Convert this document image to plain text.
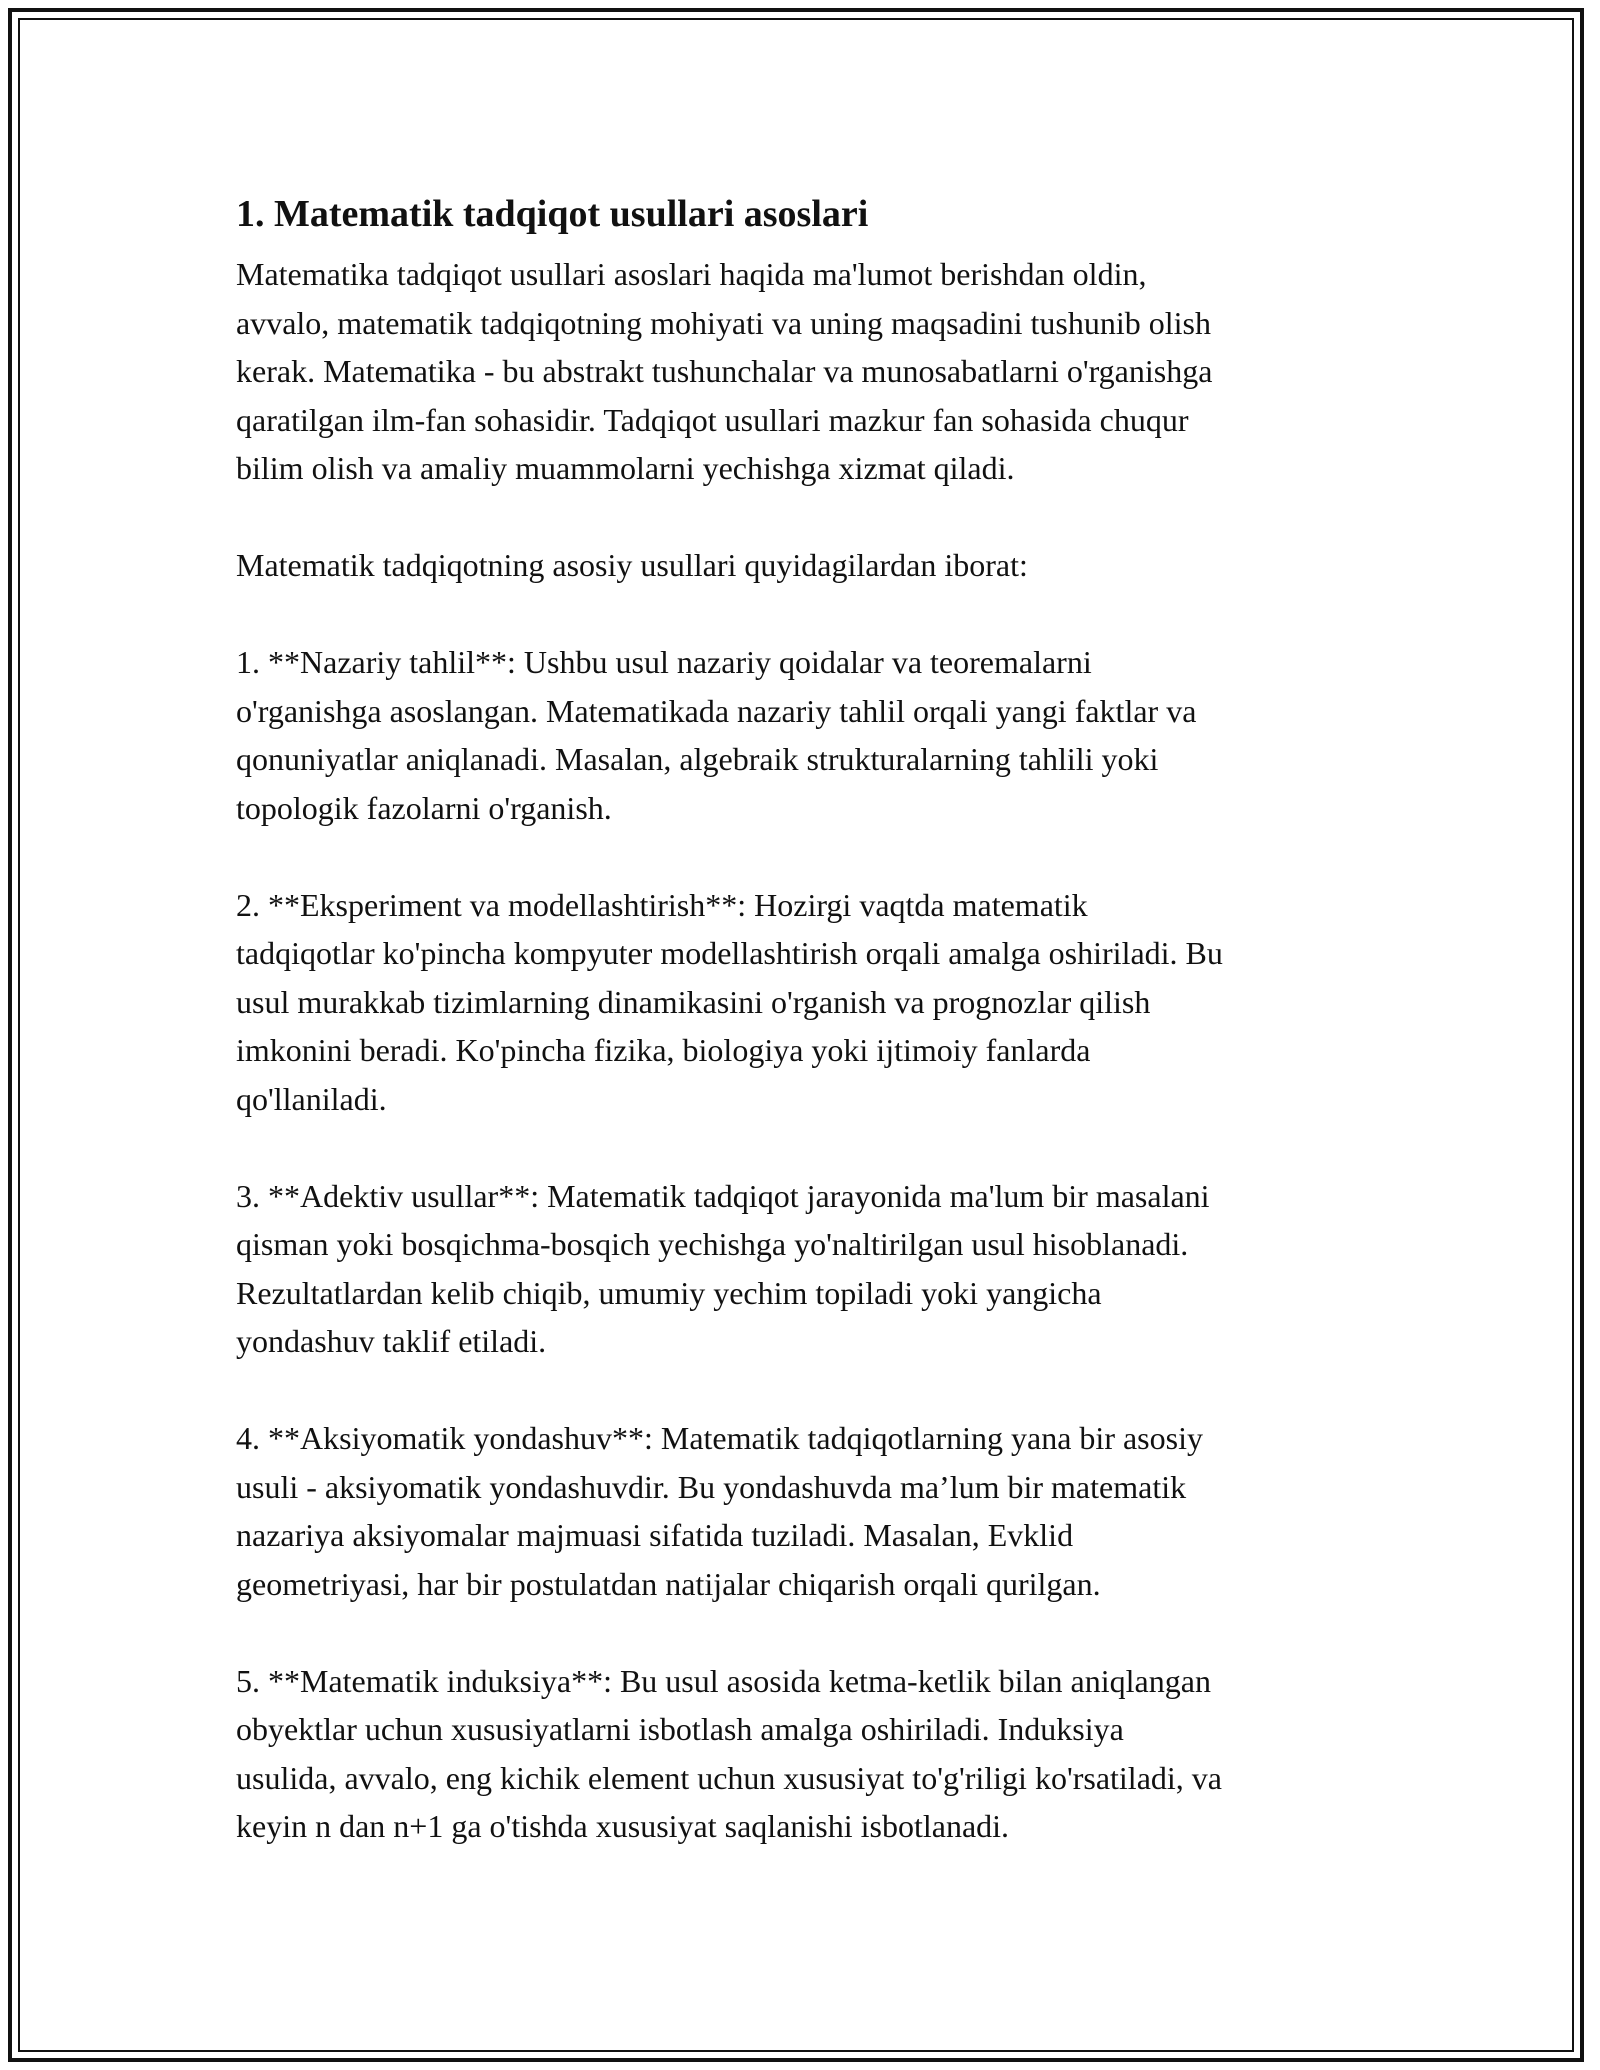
1. Matematik tadqiqot usullari asoslari

Matematika tadqiqot usullari asoslari haqida ma'lumot berishdan oldin,
avvalo, matematik tadqiqotning mohiyati va uning maqsadini tushunib olish
kerak. Matematika - bu abstrakt tushunchalar va munosabatlarni o'rganishga
qaratilgan ilm-fan sohasidir. Tadqiqot usullari mazkur fan sohasida chuqur
bilim olish va amaliy muammolarni yechishga xizmat qiladi.

Matematik tadqiqotning asosiy usullari quyidagilardan iborat:

1. **Nazariy tahlil**: Ushbu usul nazariy qoidalar va teoremalarni
o'rganishga asoslangan. Matematikada nazariy tahlil orqali yangi faktlar va
qonuniyatlar aniqlanadi. Masalan, algebraik strukturalarning tahlili yoki
topologik fazolarni o'rganish.

2. **Eksperiment va modellashtirish**: Hozirgi vaqtda matematik
tadqiqotlar ko'pincha kompyuter modellashtirish orqali amalga oshiriladi. Bu
usul murakkab tizimlarning dinamikasini o'rganish va prognozlar qilish
imkonini beradi. Ko'pincha fizika, biologiya yoki ijtimoiy fanlarda
qo'llaniladi.

3. **Adektiv usullar**: Matematik tadqiqot jarayonida ma'lum bir masalani
qisman yoki bosqichma-bosqich yechishga yo'naltirilgan usul hisoblanadi.
Rezultatlardan kelib chiqib, umumiy yechim topiladi yoki yangicha
yondashuv taklif etiladi.

4. **Aksiyomatik yondashuv**: Matematik tadqiqotlarning yana bir asosiy
usuli - aksiyomatik yondashuvdir. Bu yondashuvda ma’lum bir matematik
nazariya aksiyomalar majmuasi sifatida tuziladi. Masalan, Evklid
geometriyasi, har bir postulatdan natijalar chiqarish orqali qurilgan.

5. **Matematik induksiya**: Bu usul asosida ketma-ketlik bilan aniqlangan
obyektlar uchun xususiyatlarni isbotlash amalga oshiriladi. Induksiya
usulida, avvalo, eng kichik element uchun xususiyat to'g'riligi ko'rsatiladi, va
keyin n dan n+1 ga o'tishda xususiyat saqlanishi isbotlanadi.
